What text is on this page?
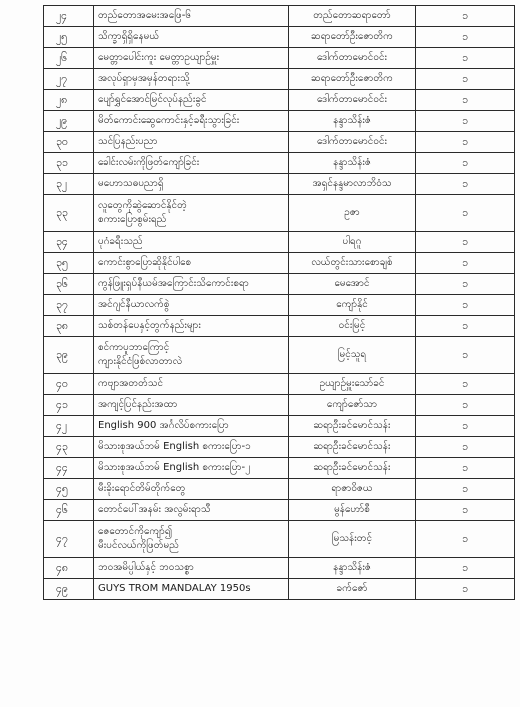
၂၄	တည်တောအမေးအဖြေ-၆	တည်တောဆရာတော်	၁
၂၅	သိက္ခာရှိရှိနေမယ်	ဆရာတော်ဦးဇောတိက	၁
၂၆	မေတ္တာပေါင်းကူး မေတ္တာဥယျာဉ်မှူး	ဒေါက်တာမောင်ဝင်း	၁
၂၇	အလုပ်ရှာမှအမှန်တရားသို့	ဆရာတော်ဦးဇောတိက	၁
၂၈	ပျော်ရွှင်အောင်မြင်လုပ်နည်းခွင်	ဒေါက်တာမောင်ဝင်း	၁
၂၉	မိတ်ကောင်းဆွေကောင်းနှင့်ခရီးသွားခြင်း	နန္ဒာသိန်းဇံ	၁
၃၀	သင်ပြနည်းပညာ	ဒေါက်တာမောင်ဝင်း	၁
၃၁	ခေါင်းလမ်းကိုဖြတ်ကျော်ခြင်း	နန္ဒာသိန်းဇံ	၁
၃၂	မဟောသဓပညာရှိ	အရှင်နန္ဒမာလာဘိဝံသ	၁
၃၃	လူတွေကိုဆွဲဆောင်နိုင်တဲ့
စကားပြောစွမ်းရည်	ဥဇာ	၁
၃၄	ပုဂံခရီးသည်	ပါရဂူ	၁
၃၅	ကောင်းစွာပြောဆိုနိုင်ပါစေ	လယ်တွင်းသားစောချစ်	၁
၃၆	ကွန်ဖြူးရှပ်နီယမ်အကြောင်းသိကောင်းစရာ	မေအောင်	၁
၃၇	အင်ဂျင်နီယာလက်စွဲ	ကျော်နိုင်	၁
၃၈	သစ်တန်ပေနှင့်တွက်နည်းများ	ဝင်းမြင့်	၁
၃၉	စင်ကာပူဘာကြောင့်
ကျားနိုင်ငံဖြစ်လာတာလဲ	မြင့်သူရ	၁
၄၀	ကဗျာအတတ်သင်	ဥယျာဉ်မှူးသော်ခင်	၁
၄၁	အကျင့်ပြင်နည်းအထာ	ကျော်ဇော်သာ	၁
၄၂	English 900 အင်္ဂလိပ်စကားပြော	ဆရာဦးခင်မောင်သန်း	၁
၄၃	မိသားစုအယ်ဘမ် English စကားပြော-၁	ဆရာဦးခင်မောင်သန်း	၁
၄၄	မိသားစုအယ်ဘမ် English စကားပြော-၂	ဆရာဦးခင်မောင်သန်း	၁
၄၅	မီးခိုးရောင်တိမ်တိုက်တွေ	ရာဇာဝိဇယ	၁
၄၆	တောင်ပေါ်အနမ်း အလွမ်းရာသီ	မွန်ဟော်စီ	၁
၄၇	ဇေတောင်ကိုကျော်၍
မီးပင်လယ်ကိုဖြတ်မည်	မြသန်းတင့်	၁
၄၈	ဘဝအမိပ္ပါယ်နှင့် ဘဝသစ္စာ	နန္ဒာသိန်းဇံ	၁
၄၉	GUYS TROM MANDALAY 1950s	ခက်ဇော်	၁
